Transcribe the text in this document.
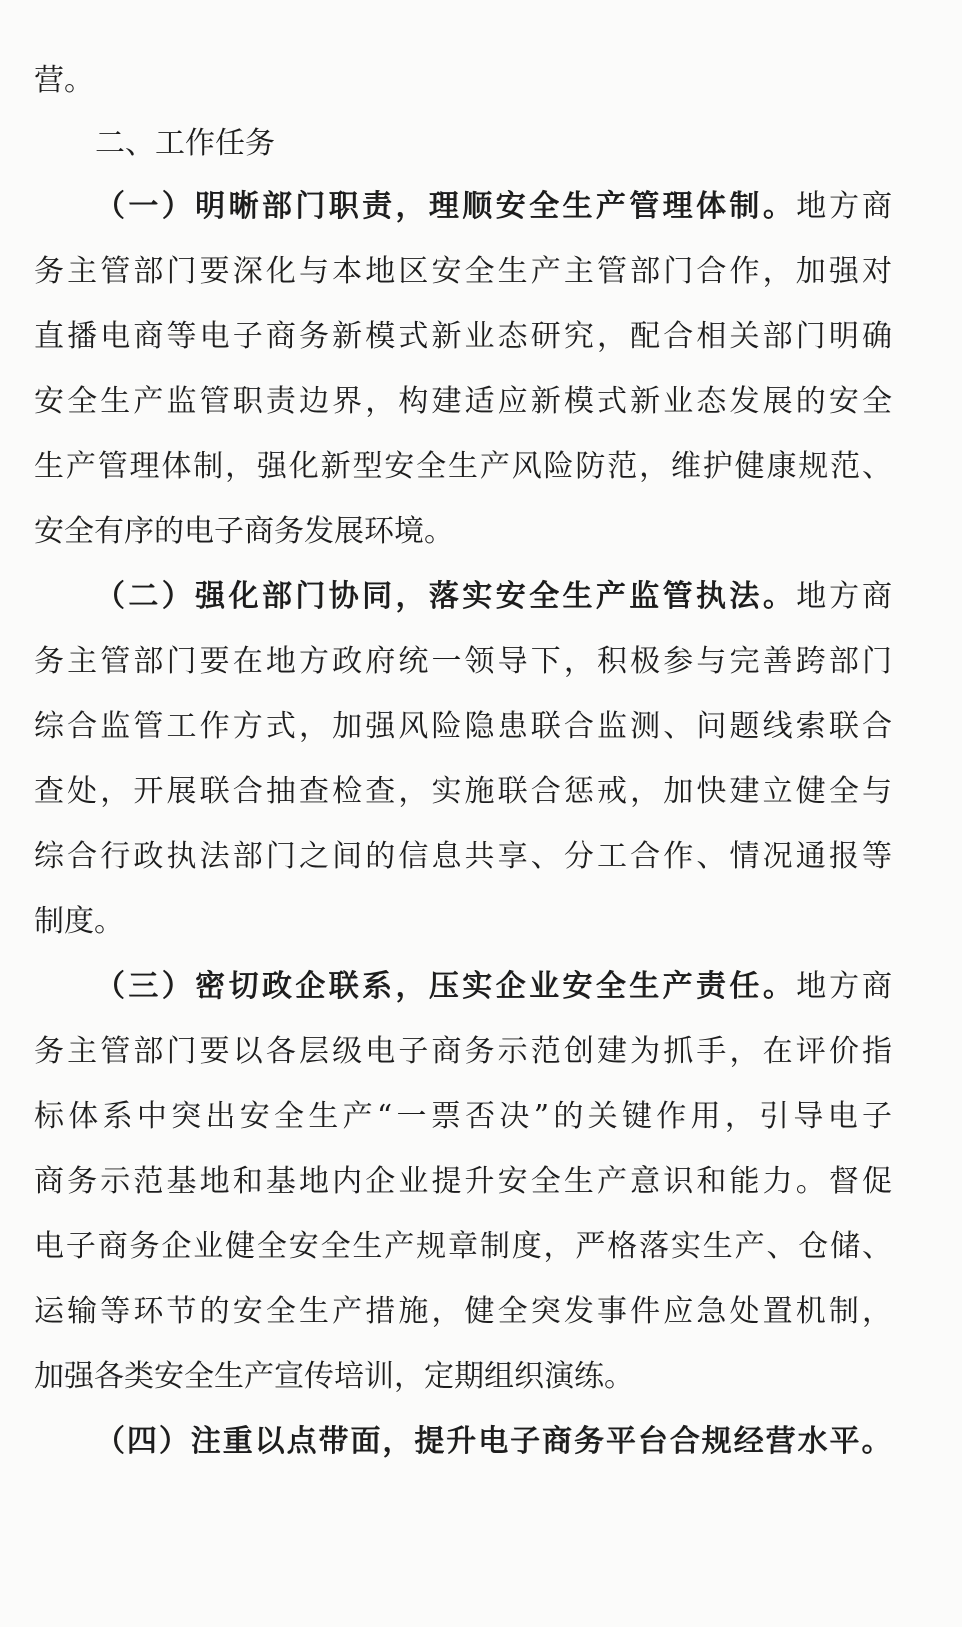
营。
二、工作任务
（一）明晰部门职责，理顺安全生产管理体制。地方商
务主管部门要深化与本地区安全生产主管部门合作，加强对
直播电商等电子商务新模式新业态研究，配合相关部门明确
安全生产监管职责边界，构建适应新模式新业态发展的安全
生产管理体制，强化新型安全生产风险防范，维护健康规范、
安全有序的电子商务发展环境。
（二）强化部门协同，落实安全生产监管执法。地方商
务主管部门要在地方政府统一领导下，积极参与完善跨部门
综合监管工作方式，加强风险隐患联合监测、问题线索联合
查处，开展联合抽查检查，实施联合惩戒，加快建立健全与
综合行政执法部门之间的信息共享、分工合作、情况通报等
制度。
（三）密切政企联系，压实企业安全生产责任。地方商
务主管部门要以各层级电子商务示范创建为抓手，在评价指
标体系中突出安全生产“一票否决”的关键作用，引导电子
商务示范基地和基地内企业提升安全生产意识和能力。督促
电子商务企业健全安全生产规章制度，严格落实生产、仓储、
运输等环节的安全生产措施，健全突发事件应急处置机制，
加强各类安全生产宣传培训，定期组织演练。
（四）注重以点带面，提升电子商务平台合规经营水平。
